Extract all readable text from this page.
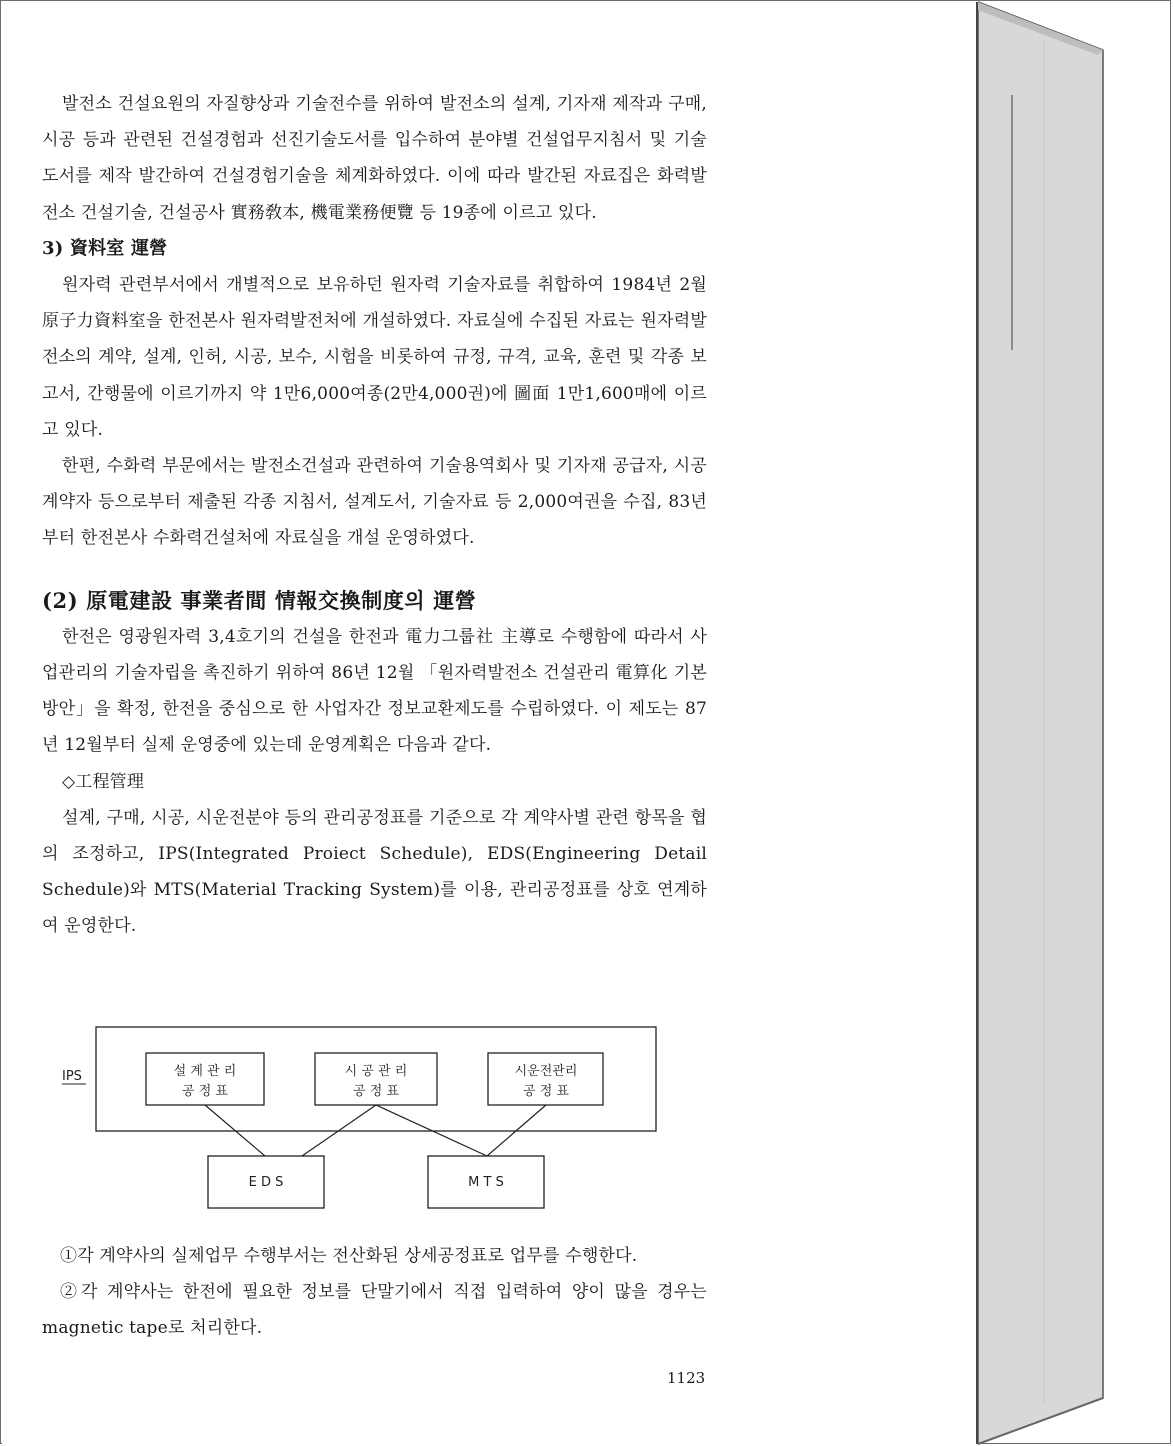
발전소 건설요원의 자질향상과 기술전수를 위하여 발전소의 설계, 기자재 제작과 구매, 시공 등과 관련된 건설경험과 선진기술도서를 입수하여 분야별 건설업무지침서 및 기술도서를 제작 발간하여 건설경험기술을 체계화하였다. 이에 따라 발간된 자료집은 화력발전소 건설기술, 건설공사 實務敎本, 機電業務便覽 등 19종에 이르고 있다.

3) 資料室 運營

원자력 관련부서에서 개별적으로 보유하던 원자력 기술자료를 취합하여 1984년 2월 原子力資料室을 한전본사 원자력발전처에 개설하였다. 자료실에 수집된 자료는 원자력발전소의 계약, 설계, 인허, 시공, 보수, 시험을 비롯하여 규정, 규격, 교육, 훈련 및 각종 보고서, 간행물에 이르기까지 약 1만6,000여종(2만4,000권)에 圖面 1만1,600매에 이르고 있다.

한편, 수화력 부문에서는 발전소건설과 관련하여 기술용역회사 및 기자재 공급자, 시공계약자 등으로부터 제출된 각종 지침서, 설계도서, 기술자료 등 2,000여권을 수집, 83년부터 한전본사 수화력건설처에 자료실을 개설 운영하였다.

(2) 原電建設 事業者間 情報交換制度의 運營

한전은 영광원자력 3,4호기의 건설을 한전과 電力그룹社 主導로 수행함에 따라서 사업관리의 기술자립을 촉진하기 위하여 86년 12월 「원자력발전소 건설관리 電算化 기본방안」을 확정, 한전을 중심으로 한 사업자간 정보교환제도를 수립하였다. 이 제도는 87년 12월부터 실제 운영중에 있는데 운영계획은 다음과 같다.

◇工程管理

설계, 구매, 시공, 시운전분야 등의 관리공정표를 기준으로 각 계약사별 관련 항목을 협의 조정하고, IPS(Integrated Proiect Schedule), EDS(Engineering Detail Schedule)와 MTS(Material Tracking System)를 이용, 관리공정표를 상호 연계하여 운영한다.

IPS	설 계 관 리
공 정 표
시 공 관 리
공 정 표
시운전관리
공 정 표
E D S	M T S

①각 계약사의 실제업무 수행부서는 전산화된 상세공정표로 업무를 수행한다.

②각 계약사는 한전에 필요한 정보를 단말기에서 직접 입력하여 양이 많을 경우는 magnetic tape로 처리한다.

1123
